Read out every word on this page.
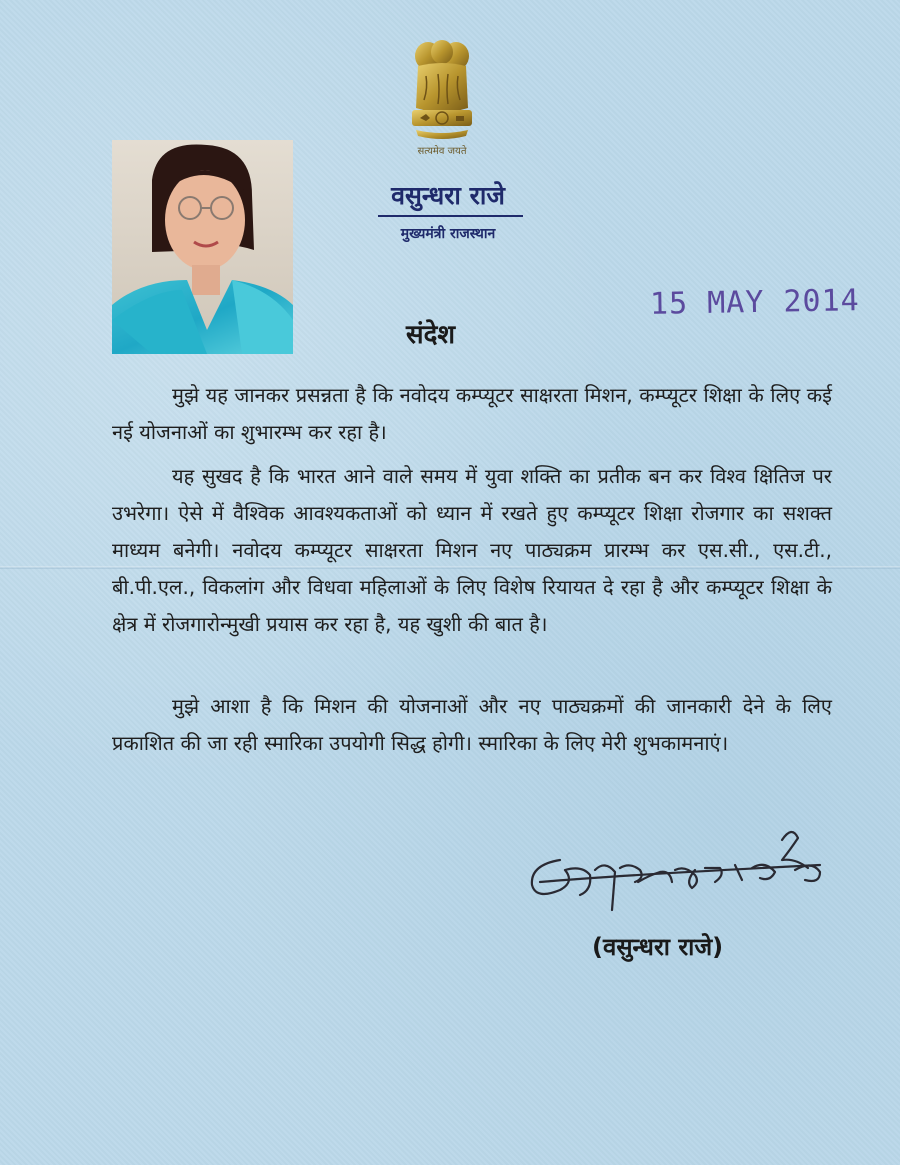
सत्यमेव जयते
वसुन्धरा राजे
मुख्यमंत्री राजस्थान
15 MAY 2014
संदेश
मुझे यह जानकर प्रसन्नता है कि नवोदय कम्प्यूटर साक्षरता मिशन, कम्प्यूटर शिक्षा के लिए कई नई योजनाओं का शुभारम्भ कर रहा है।
यह सुखद है कि भारत आने वाले समय में युवा शक्ति का प्रतीक बन कर विश्व क्षितिज पर उभरेगा। ऐसे में वैश्विक आवश्यकताओं को ध्यान में रखते हुए कम्प्यूटर शिक्षा रोजगार का सशक्त माध्यम बनेगी। नवोदय कम्प्यूटर साक्षरता मिशन नए पाठ्यक्रम प्रारम्भ कर एस.सी., एस.टी., बी.पी.एल., विकलांग और विधवा महिलाओं के लिए विशेष रियायत दे रहा है और कम्प्यूटर शिक्षा के क्षेत्र में रोजगारोन्मुखी प्रयास कर रहा है, यह खुशी की बात है।
मुझे आशा है कि मिशन की योजनाओं और नए पाठ्यक्रमों की जानकारी देने के लिए प्रकाशित की जा रही स्मारिका उपयोगी सिद्ध होगी। स्मारिका के लिए मेरी शुभकामनाएं।
(वसुन्धरा राजे)
